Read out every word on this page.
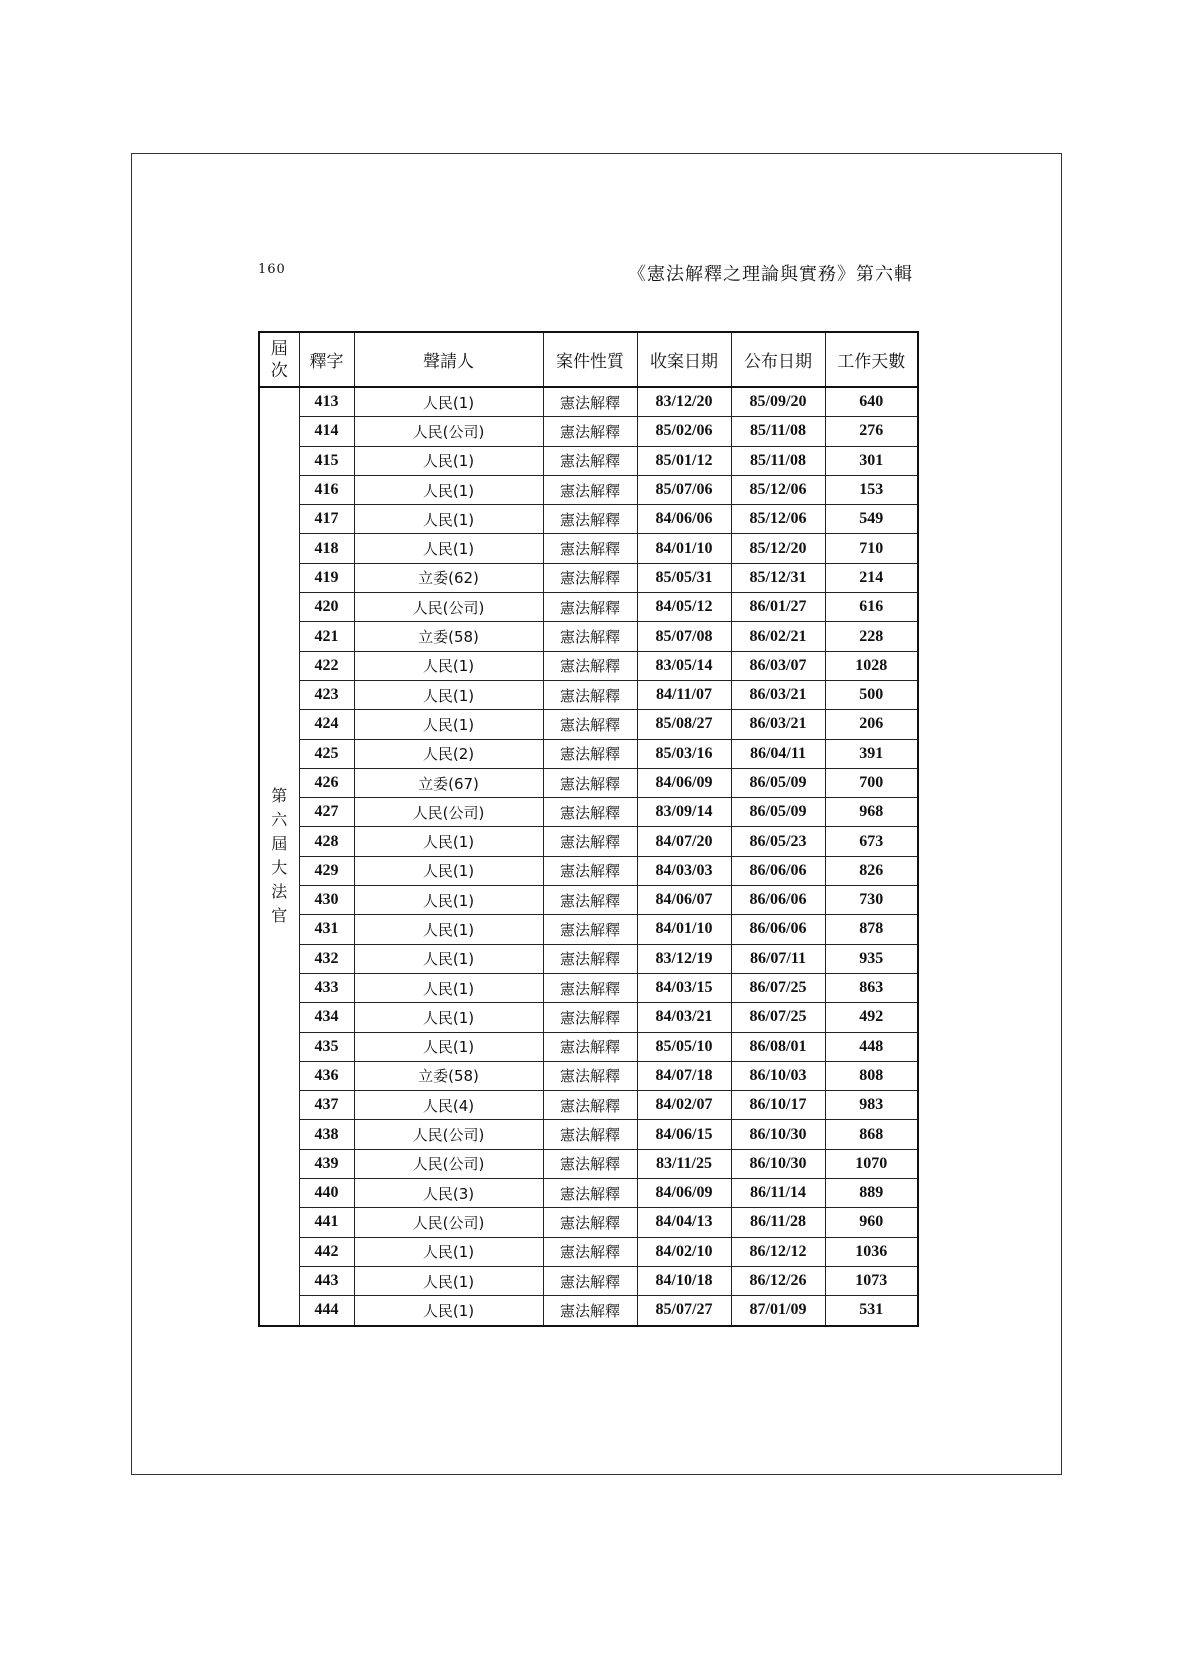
160	《憲法解釋之理論與實務》第六輯
屆次	釋字	聲請人	案件性質	收案日期	公布日期	工作天數
第六屆大法官	413	人民(1)	憲法解釋	83/12/20	85/09/20	640
	414	人民(公司)	憲法解釋	85/02/06	85/11/08	276
	415	人民(1)	憲法解釋	85/01/12	85/11/08	301
	416	人民(1)	憲法解釋	85/07/06	85/12/06	153
	417	人民(1)	憲法解釋	84/06/06	85/12/06	549
	418	人民(1)	憲法解釋	84/01/10	85/12/20	710
	419	立委(62)	憲法解釋	85/05/31	85/12/31	214
	420	人民(公司)	憲法解釋	84/05/12	86/01/27	616
	421	立委(58)	憲法解釋	85/07/08	86/02/21	228
	422	人民(1)	憲法解釋	83/05/14	86/03/07	1028
	423	人民(1)	憲法解釋	84/11/07	86/03/21	500
	424	人民(1)	憲法解釋	85/08/27	86/03/21	206
	425	人民(2)	憲法解釋	85/03/16	86/04/11	391
	426	立委(67)	憲法解釋	84/06/09	86/05/09	700
	427	人民(公司)	憲法解釋	83/09/14	86/05/09	968
	428	人民(1)	憲法解釋	84/07/20	86/05/23	673
	429	人民(1)	憲法解釋	84/03/03	86/06/06	826
	430	人民(1)	憲法解釋	84/06/07	86/06/06	730
	431	人民(1)	憲法解釋	84/01/10	86/06/06	878
	432	人民(1)	憲法解釋	83/12/19	86/07/11	935
	433	人民(1)	憲法解釋	84/03/15	86/07/25	863
	434	人民(1)	憲法解釋	84/03/21	86/07/25	492
	435	人民(1)	憲法解釋	85/05/10	86/08/01	448
	436	立委(58)	憲法解釋	84/07/18	86/10/03	808
	437	人民(4)	憲法解釋	84/02/07	86/10/17	983
	438	人民(公司)	憲法解釋	84/06/15	86/10/30	868
	439	人民(公司)	憲法解釋	83/11/25	86/10/30	1070
	440	人民(3)	憲法解釋	84/06/09	86/11/14	889
	441	人民(公司)	憲法解釋	84/04/13	86/11/28	960
	442	人民(1)	憲法解釋	84/02/10	86/12/12	1036
	443	人民(1)	憲法解釋	84/10/18	86/12/26	1073
	444	人民(1)	憲法解釋	85/07/27	87/01/09	531
